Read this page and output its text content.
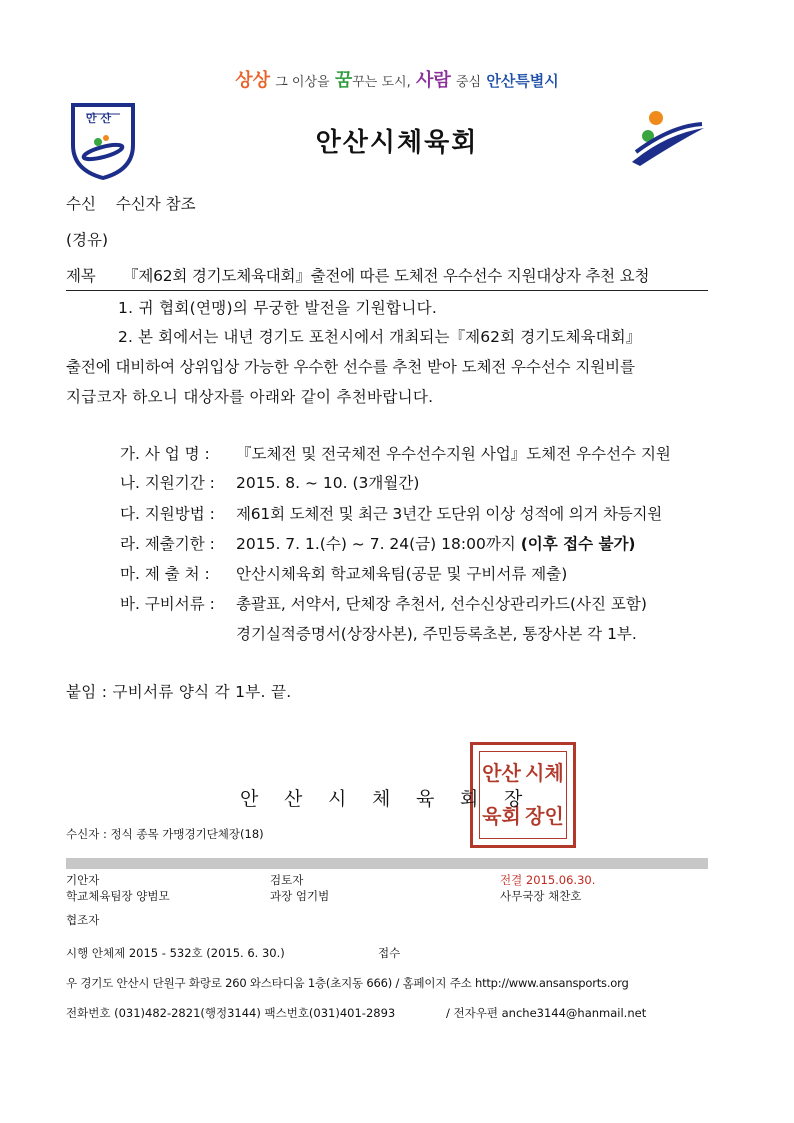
상상 그 이상을 꿈꾸는 도시, 사람 중심 안산특별시
안 산
안산시체육회
수신 수신자 참조
(경유)
제목 『제62회 경기도체육대회』출전에 따른 도체전 우수선수 지원대상자 추천 요청
1. 귀 협회(연맹)의 무궁한 발전을 기원합니다.
2. 본 회에서는 내년 경기도 포천시에서 개최되는『제62회 경기도체육대회』
출전에 대비하여 상위입상 가능한 우수한 선수를 추천 받아 도체전 우수선수 지원비를
지급코자 하오니 대상자를 아래와 같이 추천바랍니다.
가. 사 업 명 : 『도체전 및 전국체전 우수선수지원 사업』도체전 우수선수 지원
나. 지원기간 : 2015. 8. ~ 10. (3개월간)
다. 지원방법 : 제61회 도체전 및 최근 3년간 도단위 이상 성적에 의거 차등지원
라. 제출기한 : 2015. 7. 1.(수) ~ 7. 24(금) 18:00까지 (이후 접수 불가)
마. 제 출 처 : 안산시체육회 학교체육팀(공문 및 구비서류 제출)
바. 구비서류 : 총괄표, 서약서, 단체장 추천서, 선수신상관리카드(사진 포함)
경기실적증명서(상장사본), 주민등록초본, 통장사본 각 1부.
붙임 : 구비서류 양식 각 1부. 끝.
안산 시체
육회 장인
안 산 시 체 육 회 장
수신자 : 정식 종목 가맹경기단체장(18)
기안자	검토자	전결 2015.06.30.
학교체육팀장 양범모	과장 엄기범	사무국장 채찬호
협조자
시행 안체제 2015 - 532호 (2015. 6. 30.)	접수
우 경기도 안산시 단원구 화랑로 260 와스타디움 1층(초지동 666) / 홈페이지 주소 http://www.ansansports.org
전화번호 (031)482-2821(행정3144) 팩스번호(031)401-2893	/ 전자우편 anche3144@hanmail.net
